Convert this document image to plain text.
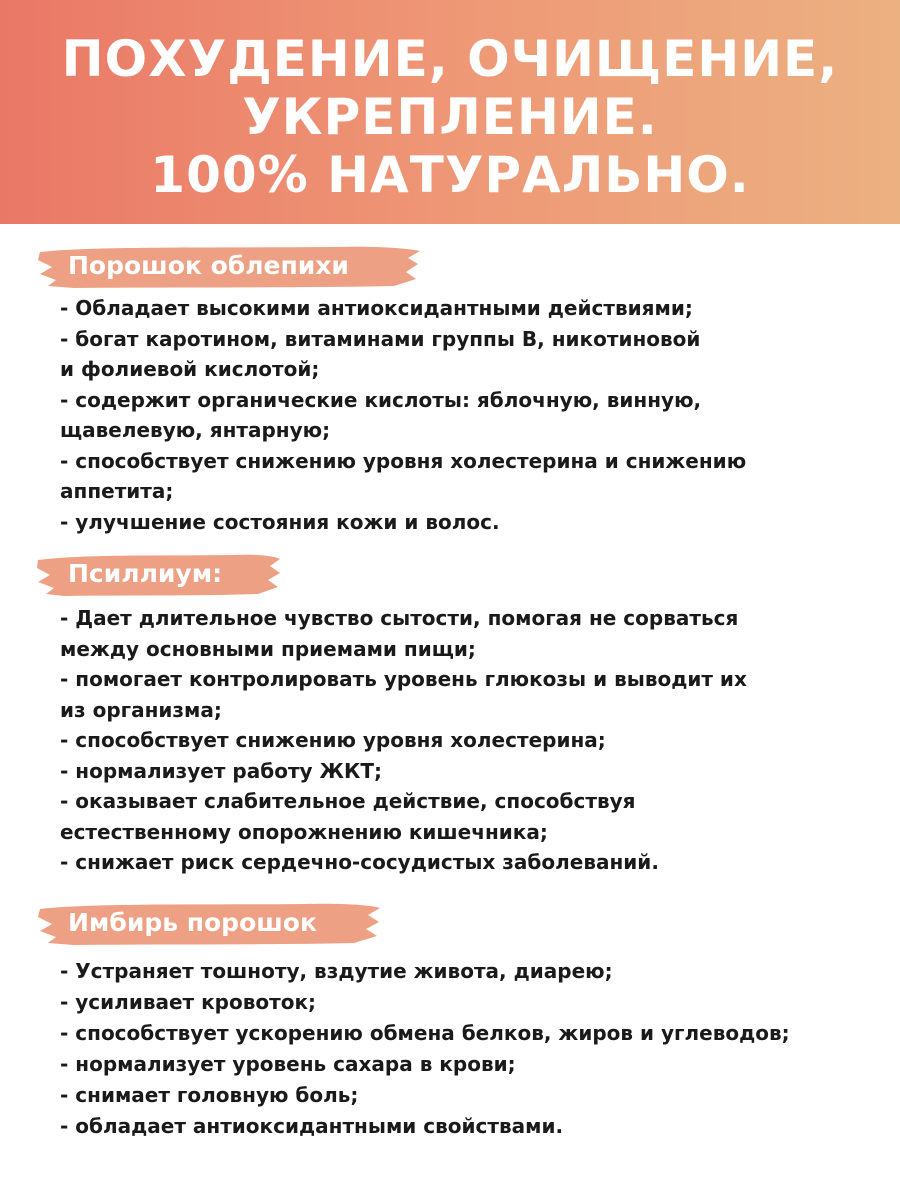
ПОХУДЕНИЕ, ОЧИЩЕНИЕ,
УКРЕПЛЕНИЕ.
100% НАТУРАЛЬНО.
Порошок облепихи
- Обладает высокими антиоксидантными действиями;
- богат каротином, витаминами группы В, никотиновой
и фолиевой кислотой;
- содержит органические кислоты: яблочную, винную,
щавелевую, янтарную;
- способствует снижению уровня холестерина и снижению
аппетита;
- улучшение состояния кожи и волос.
Псиллиум:
- Дает длительное чувство сытости, помогая не сорваться
между основными приемами пищи;
- помогает контролировать уровень глюкозы и выводит их
из организма;
- способствует снижению уровня холестерина;
- нормализует работу ЖКТ;
- оказывает слабительное действие, способствуя
естественному опорожнению кишечника;
- снижает риск сердечно-сосудистых заболеваний.
Имбирь порошок
- Устраняет тошноту, вздутие живота, диарею;
- усиливает кровоток;
- способствует ускорению обмена белков, жиров и углеводов;
- нормализует уровень сахара в крови;
- снимает головную боль;
- обладает антиоксидантными свойствами.
